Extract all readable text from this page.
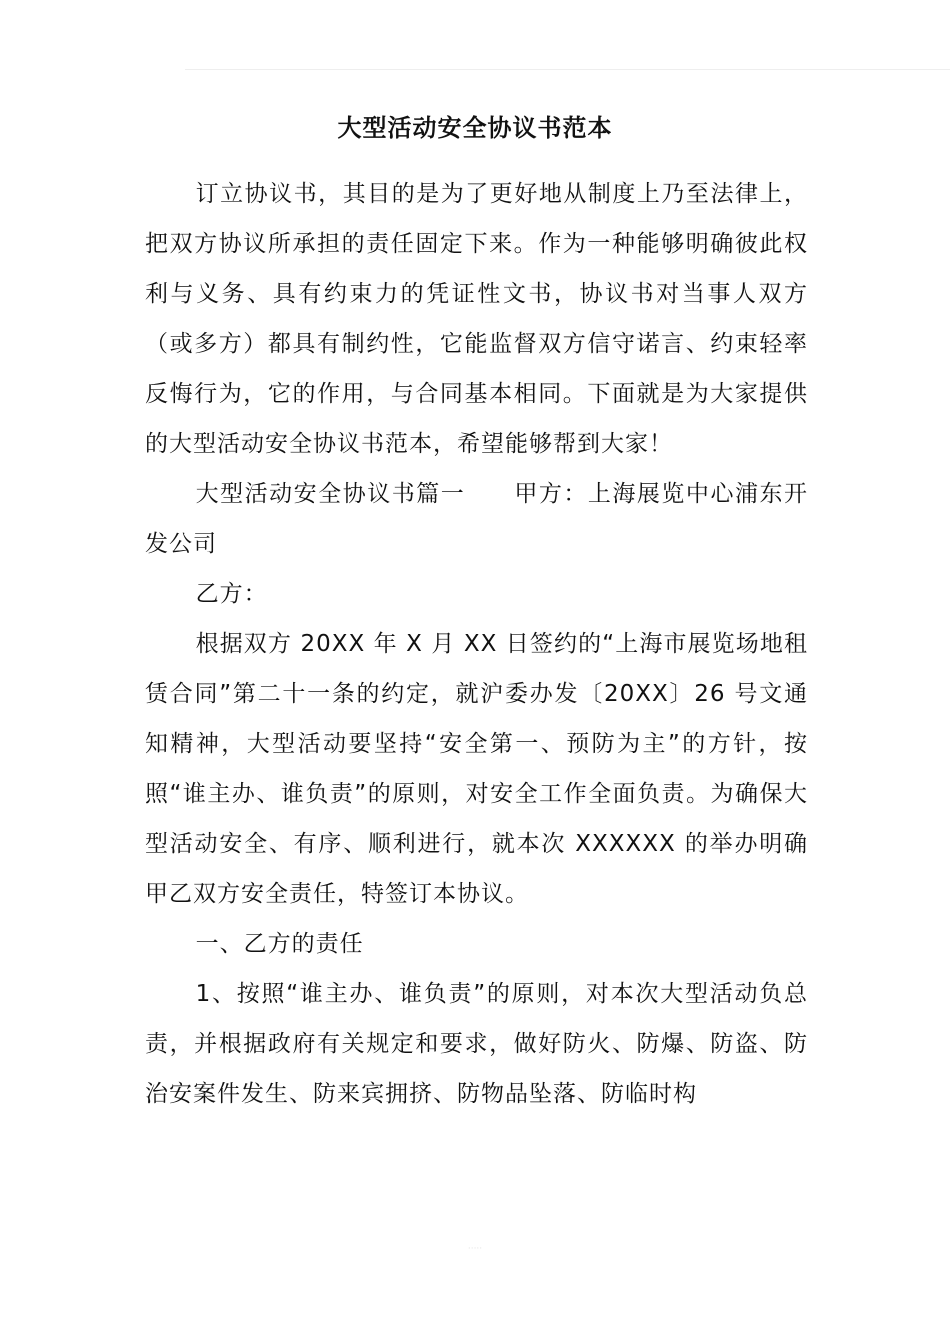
大型活动安全协议书范本

订立协议书，其目的是为了更好地从制度上乃至法律上，把双方协议所承担的责任固定下来。作为一种能够明确彼此权利与义务、具有约束力的凭证性文书，协议书对当事人双方（或多方）都具有制约性，它能监督双方信守诺言、约束轻率反悔行为，它的作用，与合同基本相同。下面就是为大家提供的大型活动安全协议书范本，希望能够帮到大家！

大型活动安全协议书篇一　　甲方：上海展览中心浦东开发公司

乙方：

根据双方 20XX 年 X 月 XX 日签约的“上海市展览场地租赁合同”第二十一条的约定，就沪委办发〔20XX〕26 号文通知精神，大型活动要坚持“安全第一、预防为主”的方针，按照“谁主办、谁负责”的原则，对安全工作全面负责。为确保大型活动安全、有序、顺利进行，就本次 XXXXXX 的举办明确甲乙双方安全责任，特签订本协议。

一、乙方的责任

1、按照“谁主办、谁负责”的原则，对本次大型活动负总责，并根据政府有关规定和要求，做好防火、防爆、防盗、防治安案件发生、防来宾拥挤、防物品坠落、防临时构

·····
